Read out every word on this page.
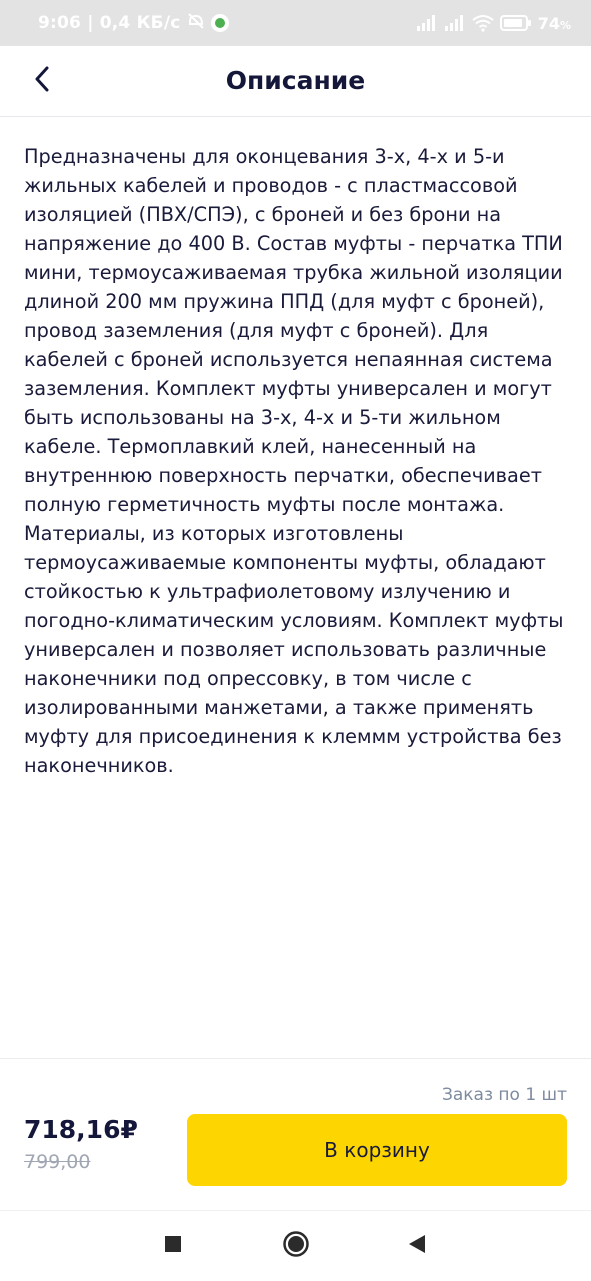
9:06 | 0,4 КБ/с	74%
Описание

Предназначены для оконцевания 3-х, 4-х и 5-и жильных кабелей и проводов - с пластмассовой изоляцией (ПВХ/СПЭ), с броней и без брони на напряжение до 400 В. Состав муфты - перчатка ТПИ мини, термоусаживаемая трубка жильной изоляции длиной 200 мм пружина ППД (для муфт с броней), провод заземления (для муфт с броней). Для кабелей с броней используется непаянная система заземления. Комплект муфты универсален и могут быть использованы на 3-х, 4-х и 5-ти жильном кабеле. Термоплавкий клей, нанесенный на внутреннюю поверхность перчатки, обеспечивает полную герметичность муфты после монтажа. Материалы, из которых изготовлены термоусаживаемые компоненты муфты, обладают стойкостью к ультрафиолетовому излучению и погодно-климатическим условиям. Комплект муфты универсален и позволяет использовать различные наконечники под опрессовку, в том числе с изолированными манжетами, а также применять муфту для присоединения к клеммм устройства без наконечников.

Заказ по 1 шт
718,16₽
799,00	В корзину
